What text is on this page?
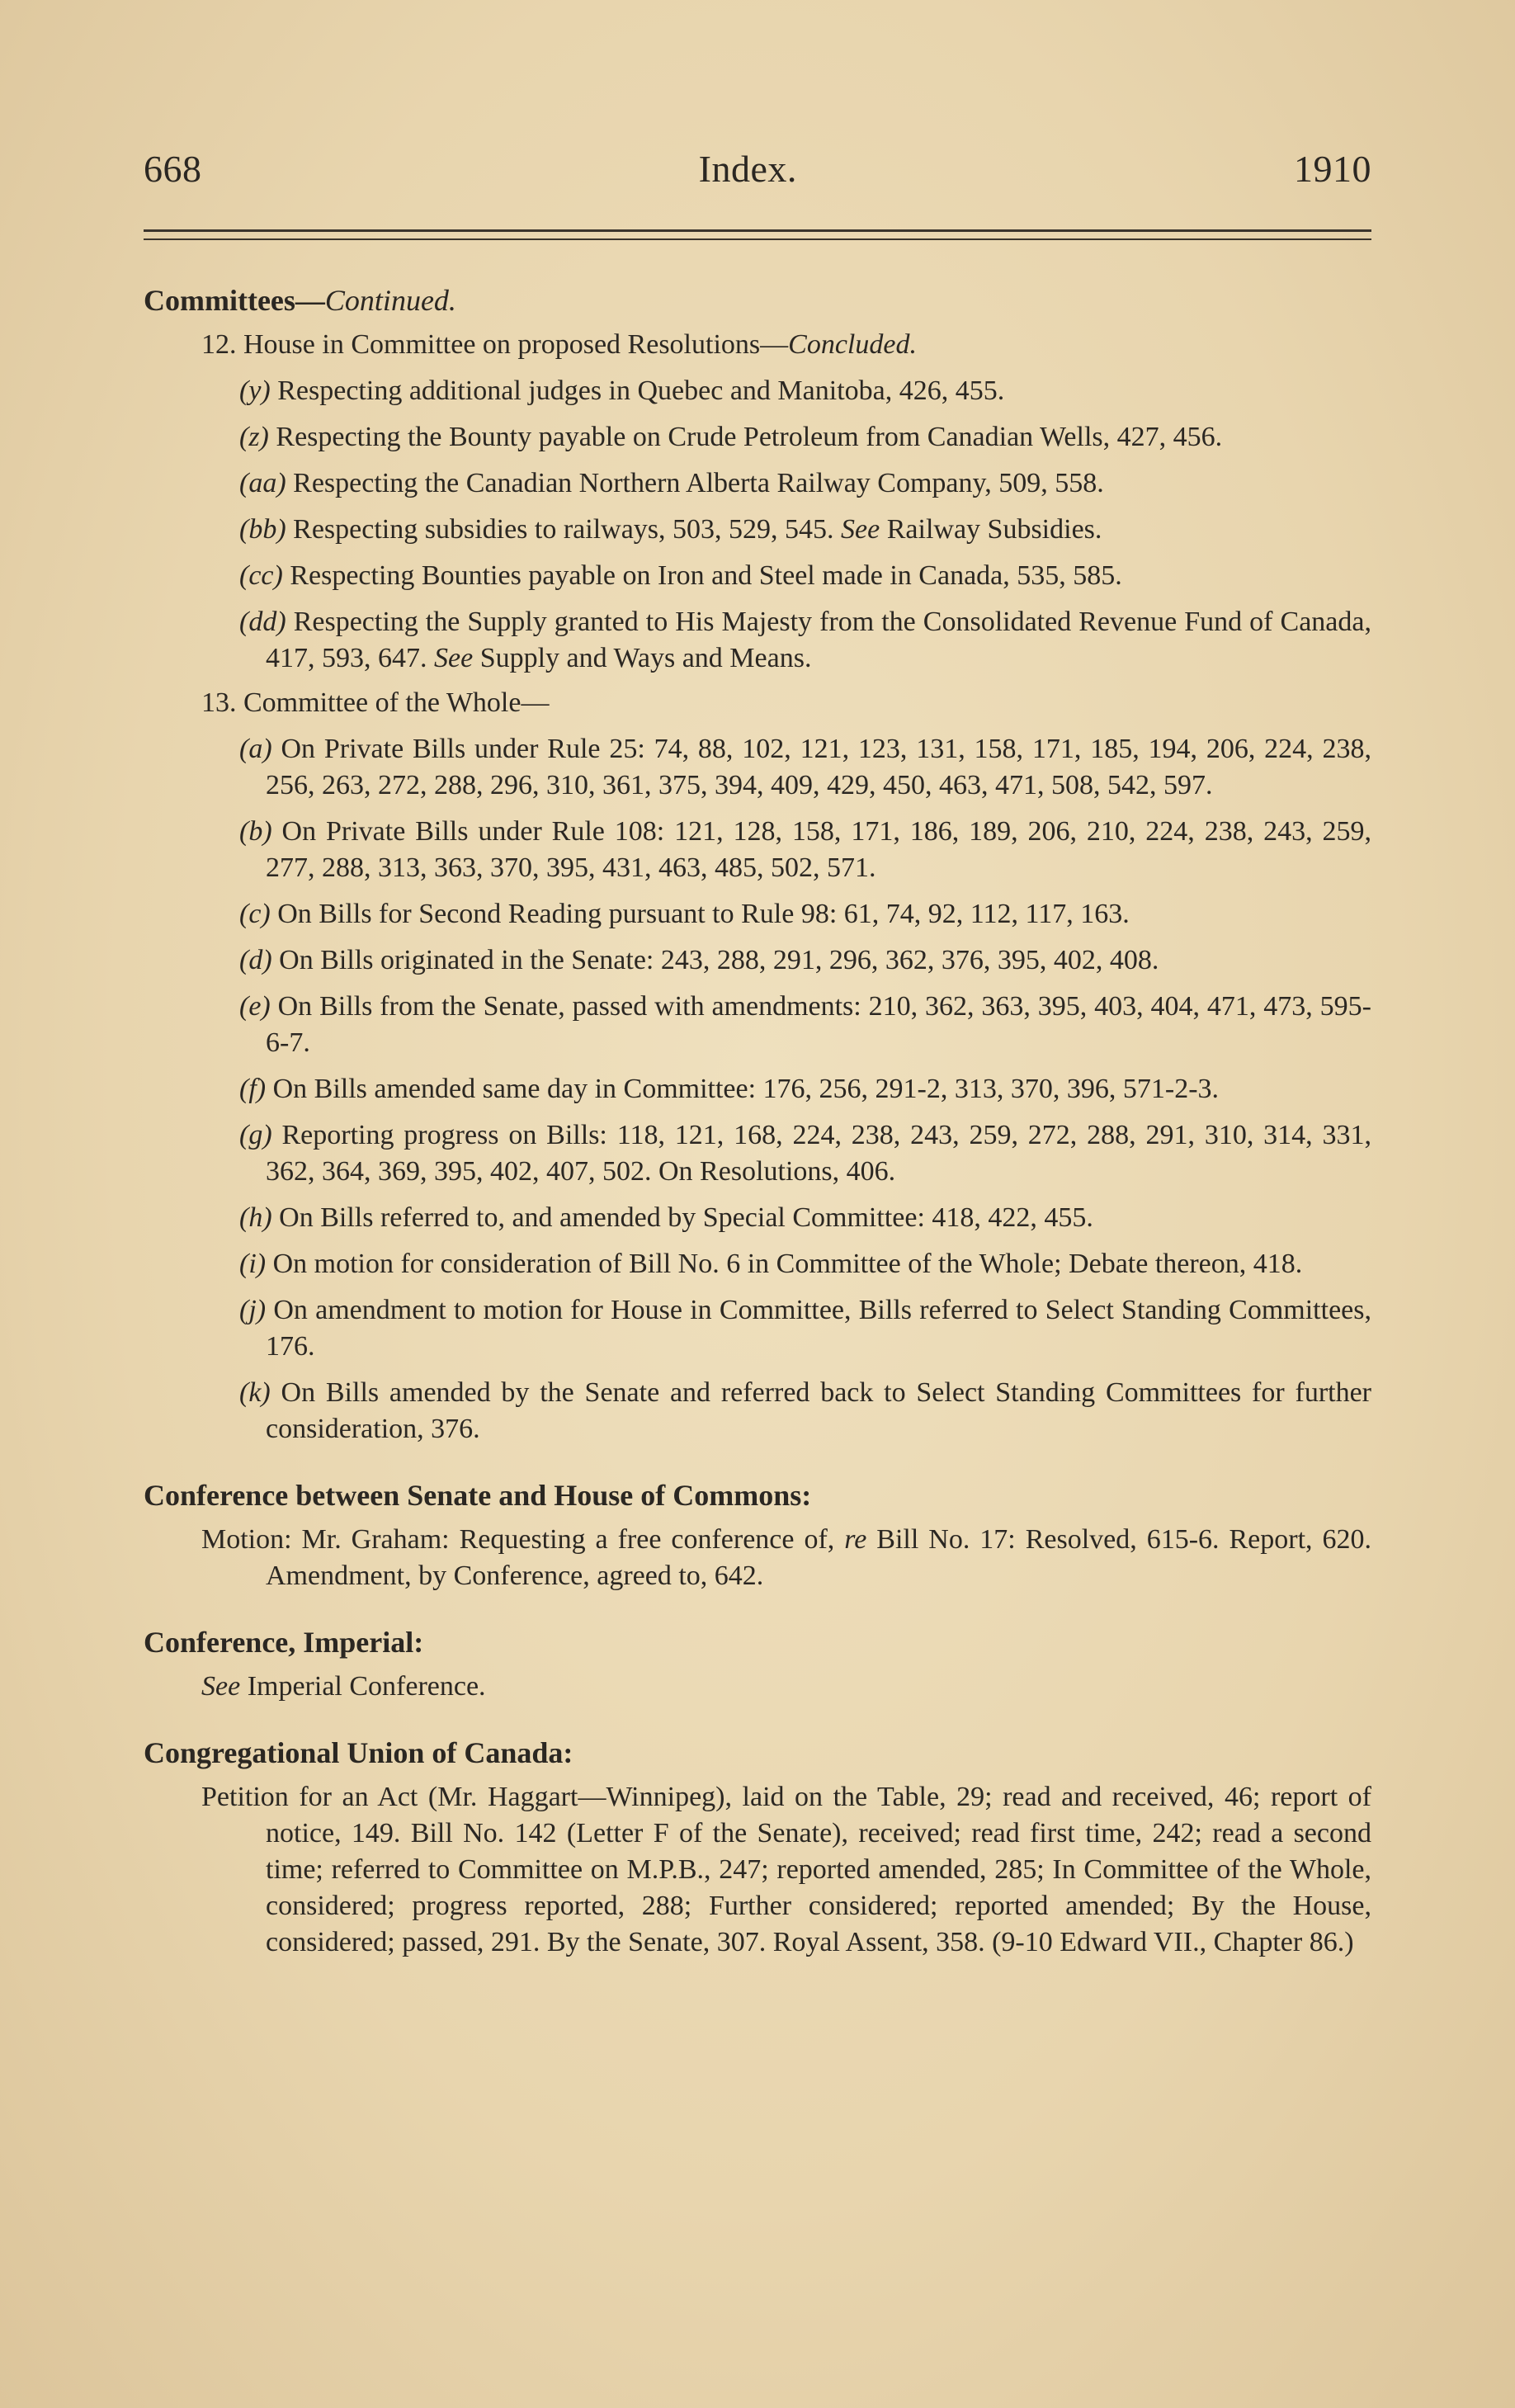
668	Index.	1910
Committees—Continued.
12. House in Committee on proposed Resolutions—Concluded.
(y) Respecting additional judges in Quebec and Manitoba, 426, 455.
(z) Respecting the Bounty payable on Crude Petroleum from Canadian Wells, 427, 456.
(aa) Respecting the Canadian Northern Alberta Railway Company, 509, 558.
(bb) Respecting subsidies to railways, 503, 529, 545. See Railway Subsidies.
(cc) Respecting Bounties payable on Iron and Steel made in Canada, 535, 585.
(dd) Respecting the Supply granted to His Majesty from the Consolidated Revenue Fund of Canada, 417, 593, 647. See Supply and Ways and Means.
13. Committee of the Whole—
(a) On Private Bills under Rule 25: 74, 88, 102, 121, 123, 131, 158, 171, 185, 194, 206, 224, 238, 256, 263, 272, 288, 296, 310, 361, 375, 394, 409, 429, 450, 463, 471, 508, 542, 597.
(b) On Private Bills under Rule 108: 121, 128, 158, 171, 186, 189, 206, 210, 224, 238, 243, 259, 277, 288, 313, 363, 370, 395, 431, 463, 485, 502, 571.
(c) On Bills for Second Reading pursuant to Rule 98: 61, 74, 92, 112, 117, 163.
(d) On Bills originated in the Senate: 243, 288, 291, 296, 362, 376, 395, 402, 408.
(e) On Bills from the Senate, passed with amendments: 210, 362, 363, 395, 403, 404, 471, 473, 595-6-7.
(f) On Bills amended same day in Committee: 176, 256, 291-2, 313, 370, 396, 571-2-3.
(g) Reporting progress on Bills: 118, 121, 168, 224, 238, 243, 259, 272, 288, 291, 310, 314, 331, 362, 364, 369, 395, 402, 407, 502. On Resolutions, 406.
(h) On Bills referred to, and amended by Special Committee: 418, 422, 455.
(i) On motion for consideration of Bill No. 6 in Committee of the Whole; Debate thereon, 418.
(j) On amendment to motion for House in Committee, Bills referred to Select Standing Committees, 176.
(k) On Bills amended by the Senate and referred back to Select Standing Committees for further consideration, 376.
Conference between Senate and House of Commons:
Motion: Mr. Graham: Requesting a free conference of, re Bill No. 17: Resolved, 615-6. Report, 620. Amendment, by Conference, agreed to, 642.
Conference, Imperial:
See Imperial Conference.
Congregational Union of Canada:
Petition for an Act (Mr. Haggart—Winnipeg), laid on the Table, 29; read and received, 46; report of notice, 149. Bill No. 142 (Letter F of the Senate), received; read first time, 242; read a second time; referred to Committee on M.P.B., 247; reported amended, 285; In Committee of the Whole, considered; progress reported, 288; Further considered; reported amended; By the House, considered; passed, 291. By the Senate, 307. Royal Assent, 358. (9-10 Edward VII., Chapter 86.)
